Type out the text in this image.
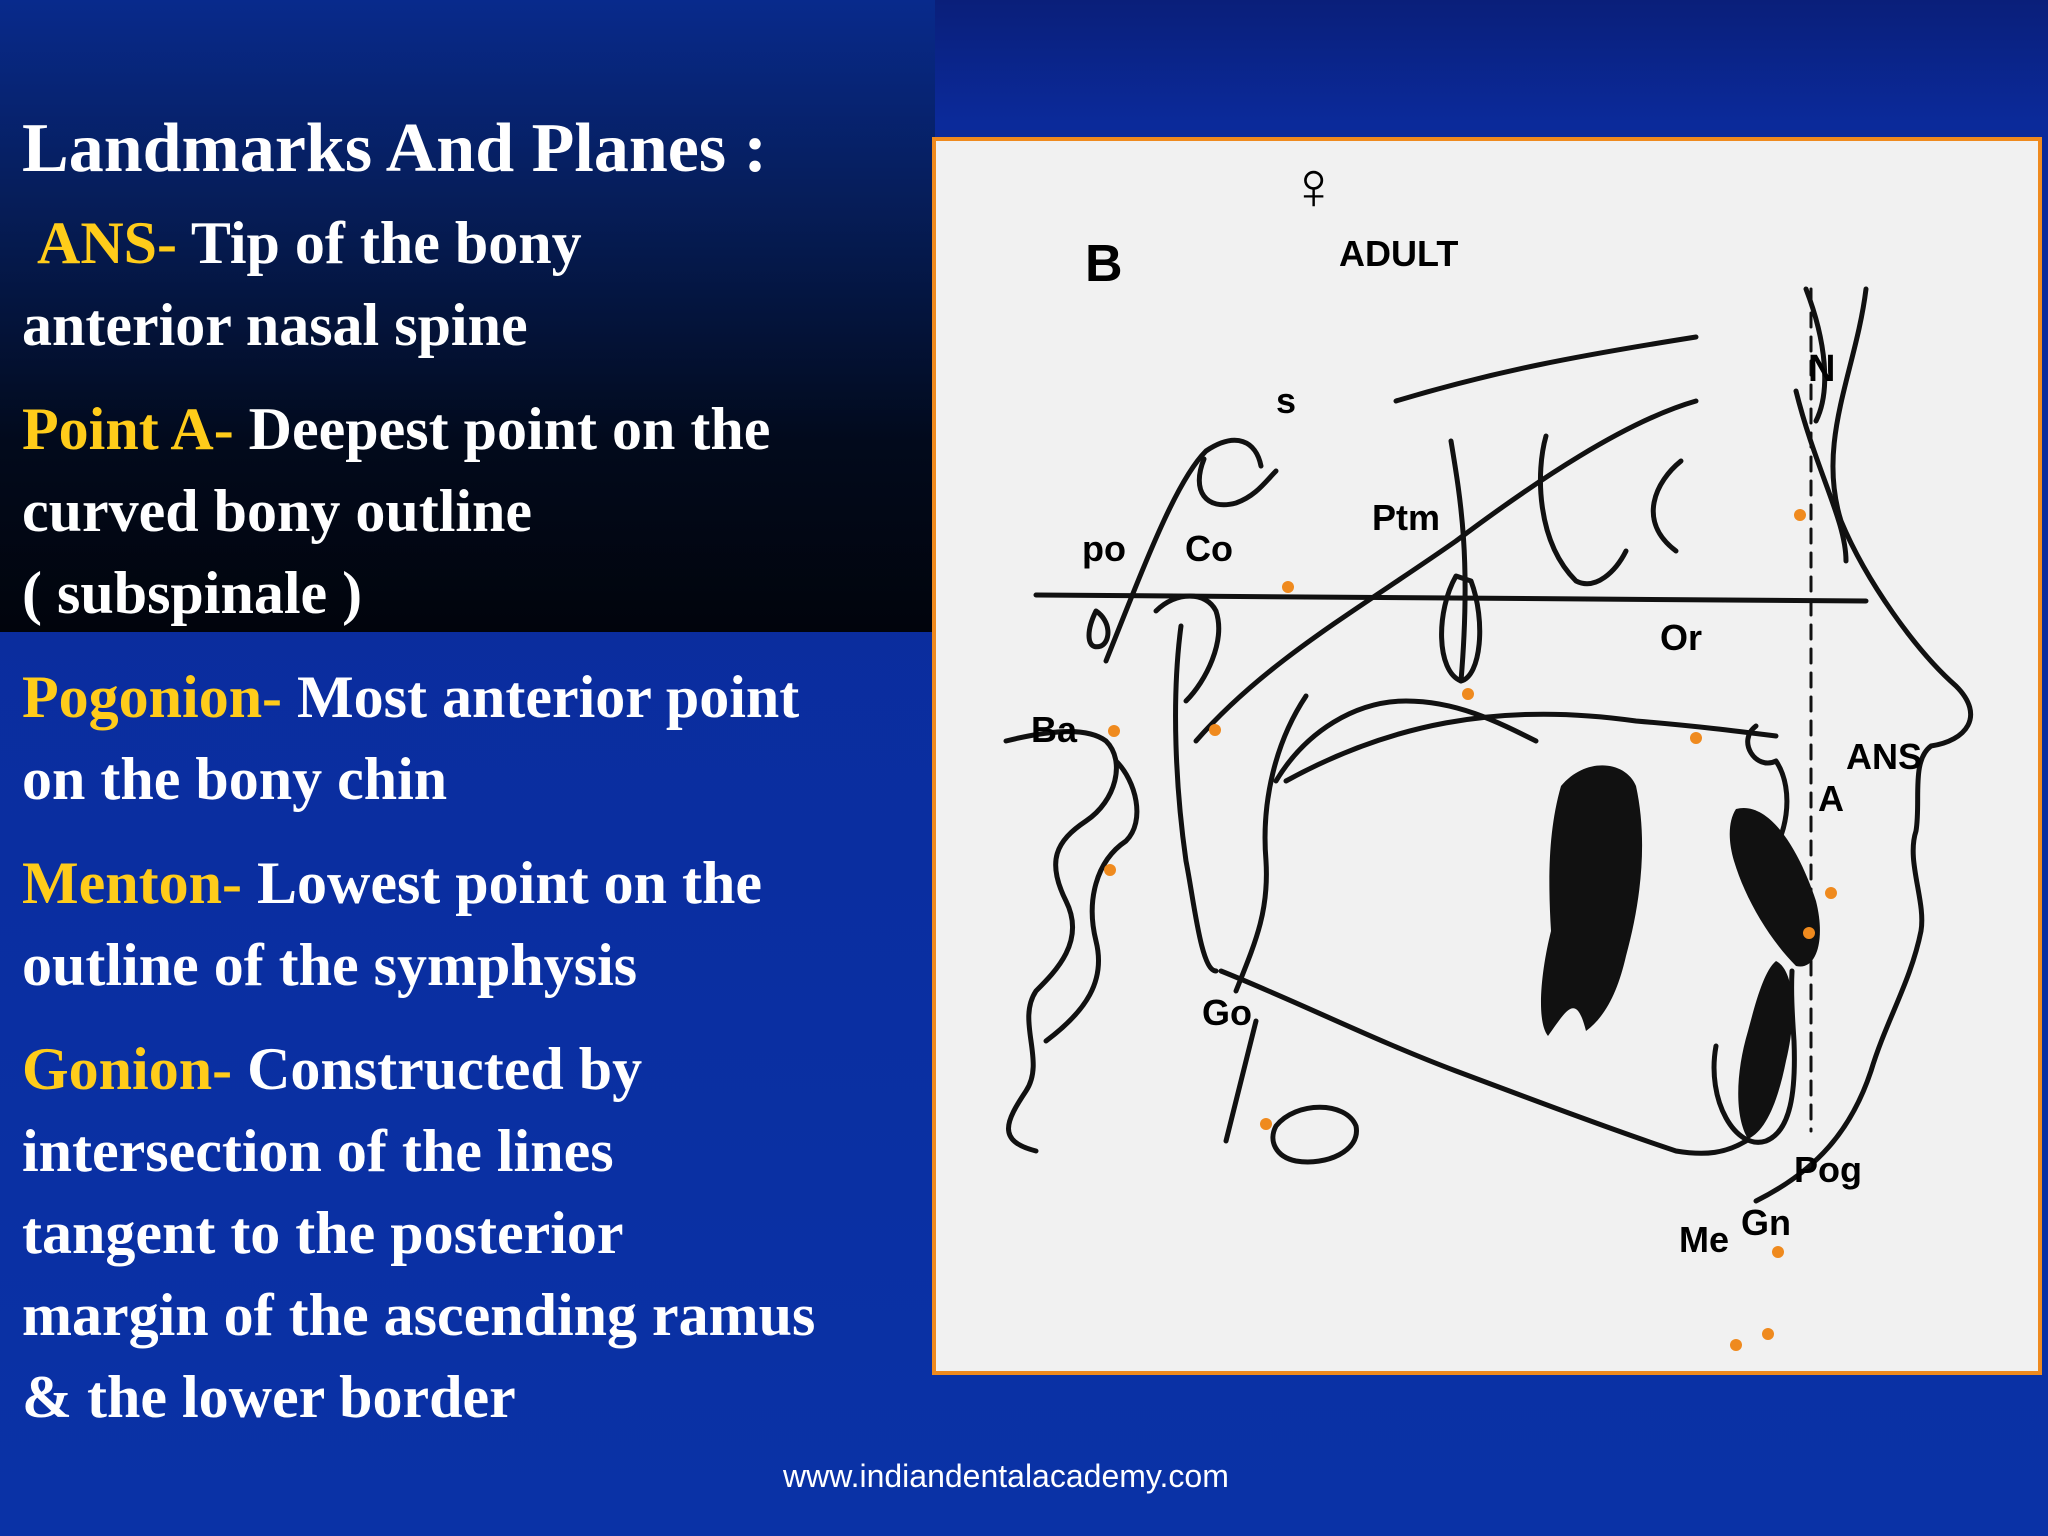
Landmarks And Planes :
ANS- Tip of the bony
anterior nasal spine
Point A- Deepest point on the
curved bony outline
( subspinale )
Pogonion- Most anterior point
on the bony chin
Menton- Lowest point on the
outline of the symphysis
Gonion- Constructed by
intersection of the lines
tangent to the posterior
margin of the ascending ramus
& the lower border
B
♀
ADULT
s
N
Ptm
po Co
Or
Ba
ANS
A
Go
Pog
Me Gn
www.indiandentalacademy.com
